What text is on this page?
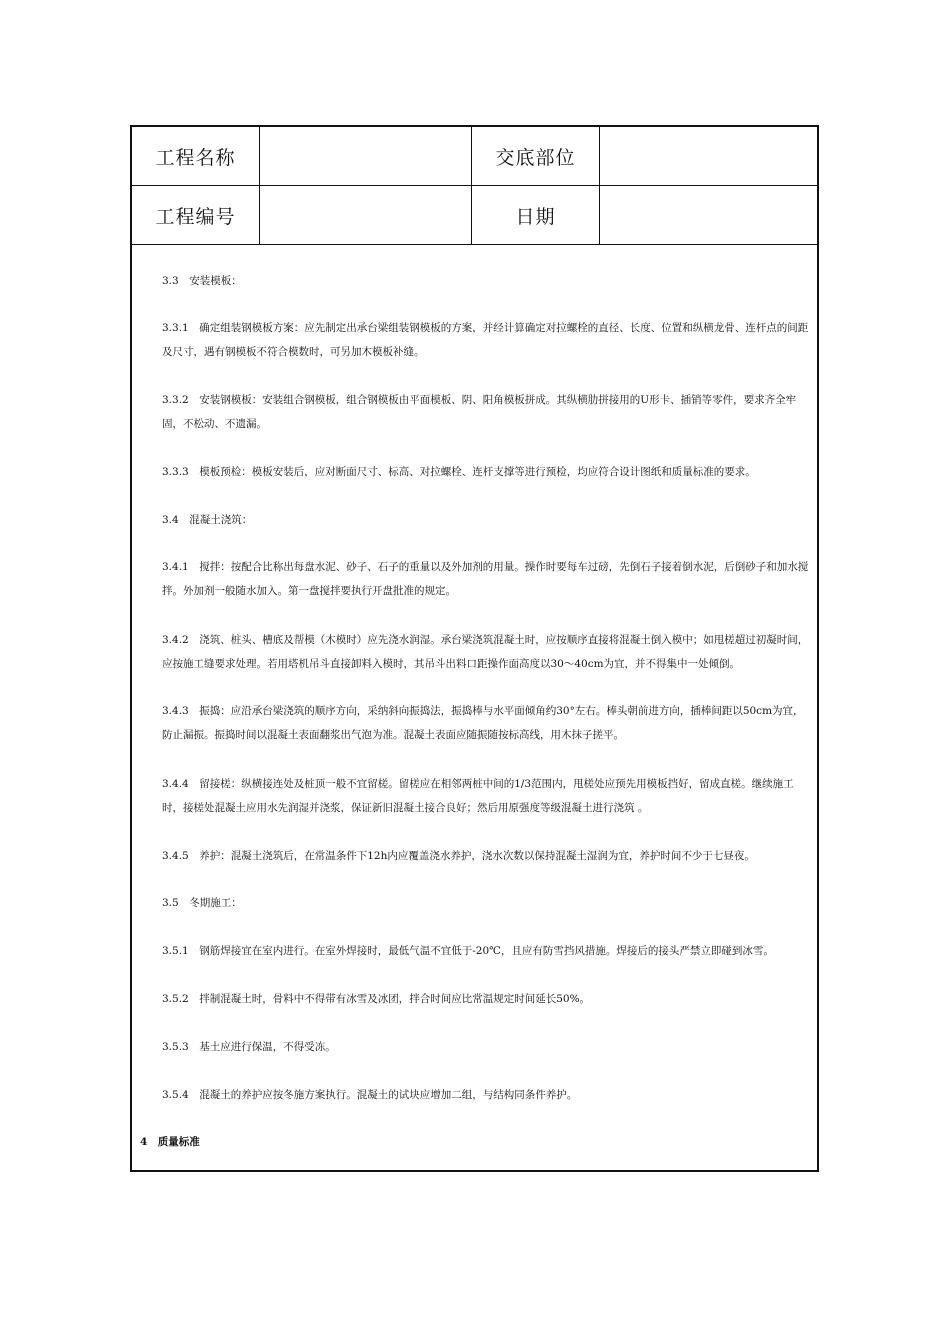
工程名称	交底部位
工程编号	日期
3.3　安装模板：
3.3.1　确定组装钢模板方案：应先制定出承台梁组装钢模板的方案，并经计算确定对拉螺栓的直径、长度、位置和纵横龙骨、连杆点的间距及尺寸，遇有钢模板不符合模数时，可另加木模板补缝。
3.3.2　安装钢模板：安装组合钢模板，组合钢模板由平面模板、阴、阳角模板拼成。其纵横肋拼接用的U形卡、插销等零件，要求齐全牢固，不松动、不遗漏。
3.3.3　模板预检：模板安装后，应对断面尺寸、标高、对拉螺栓、连杆支撑等进行预检，均应符合设计图纸和质量标准的要求。
3.4　混凝土浇筑：
3.4.1　搅拌：按配合比称出每盘水泥、砂子、石子的重量以及外加剂的用量。操作时要每车过磅，先倒石子接着倒水泥，后倒砂子和加水搅拌。外加剂一般随水加入。第一盘搅拌要执行开盘批准的规定。
3.4.2　浇筑、桩头、槽底及帮模（木模时）应先浇水润湿。承台梁浇筑混凝土时，应按顺序直接将混凝土倒入模中；如甩槎超过初凝时间，应按施工缝要求处理。若用塔机吊斗直接卸料入模时，其吊斗出料口距操作面高度以30～40cm为宜，并不得集中一处倾倒。
3.4.3　振捣：应沿承台梁浇筑的顺序方向，采纳斜向振捣法，振捣棒与水平面倾角约30°左右。棒头朝前进方向，插棒间距以50cm为宜，防止漏振。振捣时间以混凝土表面翻浆出气泡为准。混凝土表面应随振随按标高线，用木抹子搓平。
3.4.4　留接槎：纵横接连处及桩顶一般不宜留槎。留槎应在相邻两桩中间的1/3范围内，甩槎处应预先用模板挡好，留成直槎。继续施工时，接槎处混凝土应用水先润湿并浇浆，保证新旧混凝土接合良好；然后用原强度等级混凝土进行浇筑 。
3.4.5　养护：混凝土浇筑后，在常温条件下12h内应覆盖浇水养护，浇水次数以保持混凝土湿润为宜，养护时间不少于七昼夜。
3.5　冬期施工：
3.5.1　钢筋焊接宜在室内进行。在室外焊接时，最低气温不宜低于-20℃，且应有防雪挡风措施。焊接后的接头严禁立即碰到冰雪。
3.5.2　拌制混凝土时，骨料中不得带有冰雪及冰团，拌合时间应比常温规定时间延长50%。
3.5.3　基土应进行保温，不得受冻。
3.5.4　混凝土的养护应按冬施方案执行。混凝土的试块应增加二组，与结构同条件养护。
4　质量标准
